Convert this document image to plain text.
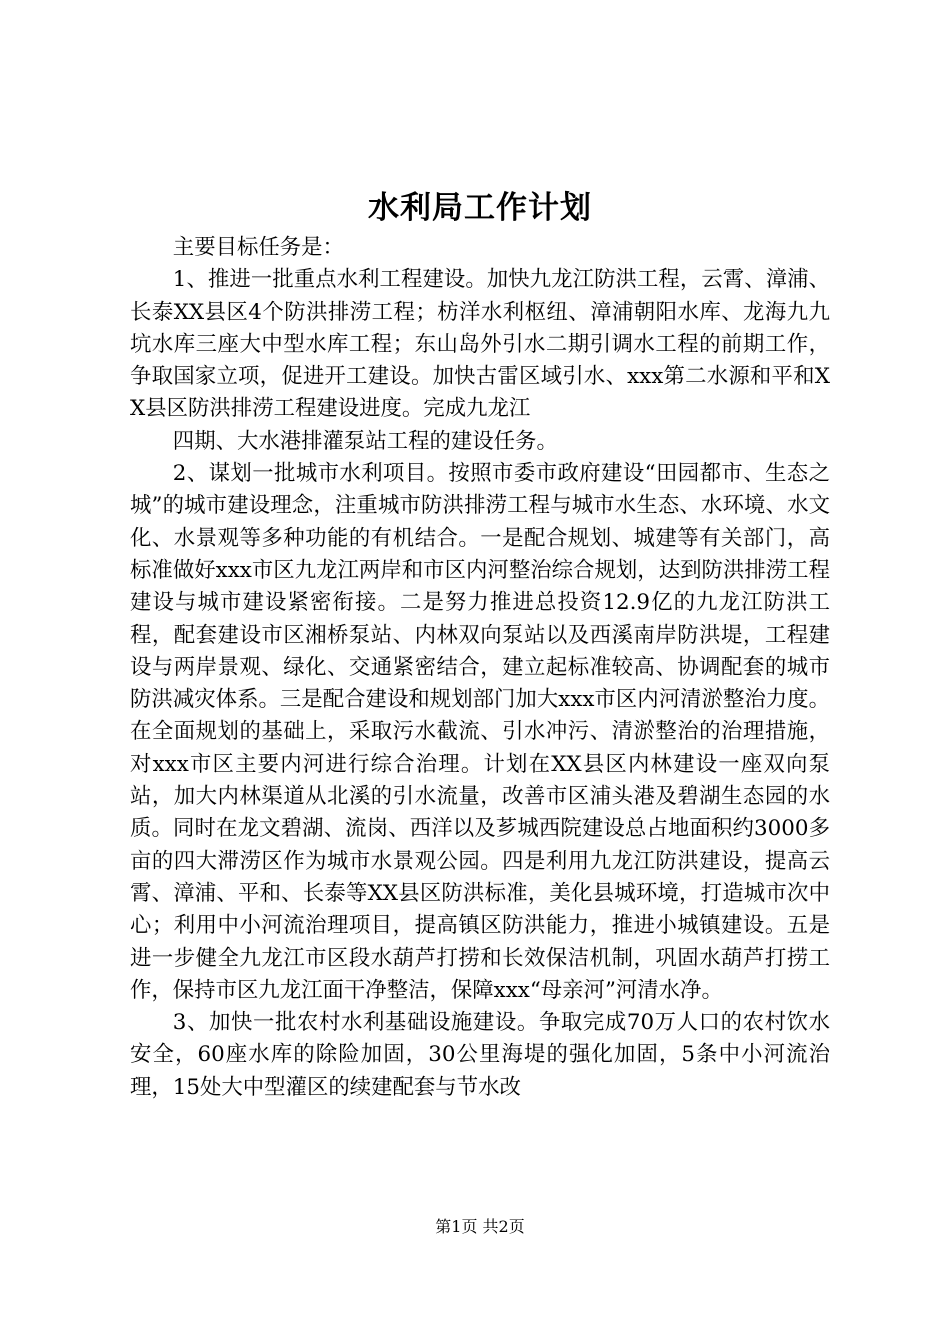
水利局工作计划

主要目标任务是：

1、推进一批重点水利工程建设。加快九龙江防洪工程，云霄、漳浦、长泰XX县区4个防洪排涝工程；枋洋水利枢纽、漳浦朝阳水库、龙海九九坑水库三座大中型水库工程；东山岛外引水二期引调水工程的前期工作，争取国家立项，促进开工建设。加快古雷区域引水、xxx第二水源和平和XX县区防洪排涝工程建设进度。完成九龙江

四期、大水港排灌泵站工程的建设任务。

2、谋划一批城市水利项目。按照市委市政府建设“田园都市、生态之城”的城市建设理念，注重城市防洪排涝工程与城市水生态、水环境、水文化、水景观等多种功能的有机结合。一是配合规划、城建等有关部门，高标准做好xxx市区九龙江两岸和市区内河整治综合规划，达到防洪排涝工程建设与城市建设紧密衔接。二是努力推进总投资12.9亿的九龙江防洪工程，配套建设市区湘桥泵站、内林双向泵站以及西溪南岸防洪堤，工程建设与两岸景观、绿化、交通紧密结合，建立起标准较高、协调配套的城市防洪减灾体系。三是配合建设和规划部门加大xxx市区内河清淤整治力度。在全面规划的基础上，采取污水截流、引水冲污、清淤整治的治理措施，对xxx市区主要内河进行综合治理。计划在XX县区内林建设一座双向泵站，加大内林渠道从北溪的引水流量，改善市区浦头港及碧湖生态园的水质。同时在龙文碧湖、流岗、西洋以及芗城西院建设总占地面积约3000多亩的四大滞涝区作为城市水景观公园。四是利用九龙江防洪建设，提高云霄、漳浦、平和、长泰等XX县区防洪标准，美化县城环境，打造城市次中心；利用中小河流治理项目，提高镇区防洪能力，推进小城镇建设。五是进一步健全九龙江市区段水葫芦打捞和长效保洁机制，巩固水葫芦打捞工作，保持市区九龙江面干净整洁，保障xxx“母亲河”河清水净。

3、加快一批农村水利基础设施建设。争取完成70万人口的农村饮水安全，60座水库的除险加固，30公里海堤的强化加固，5条中小河流治理，15处大中型灌区的续建配套与节水改

第1页 共2页
